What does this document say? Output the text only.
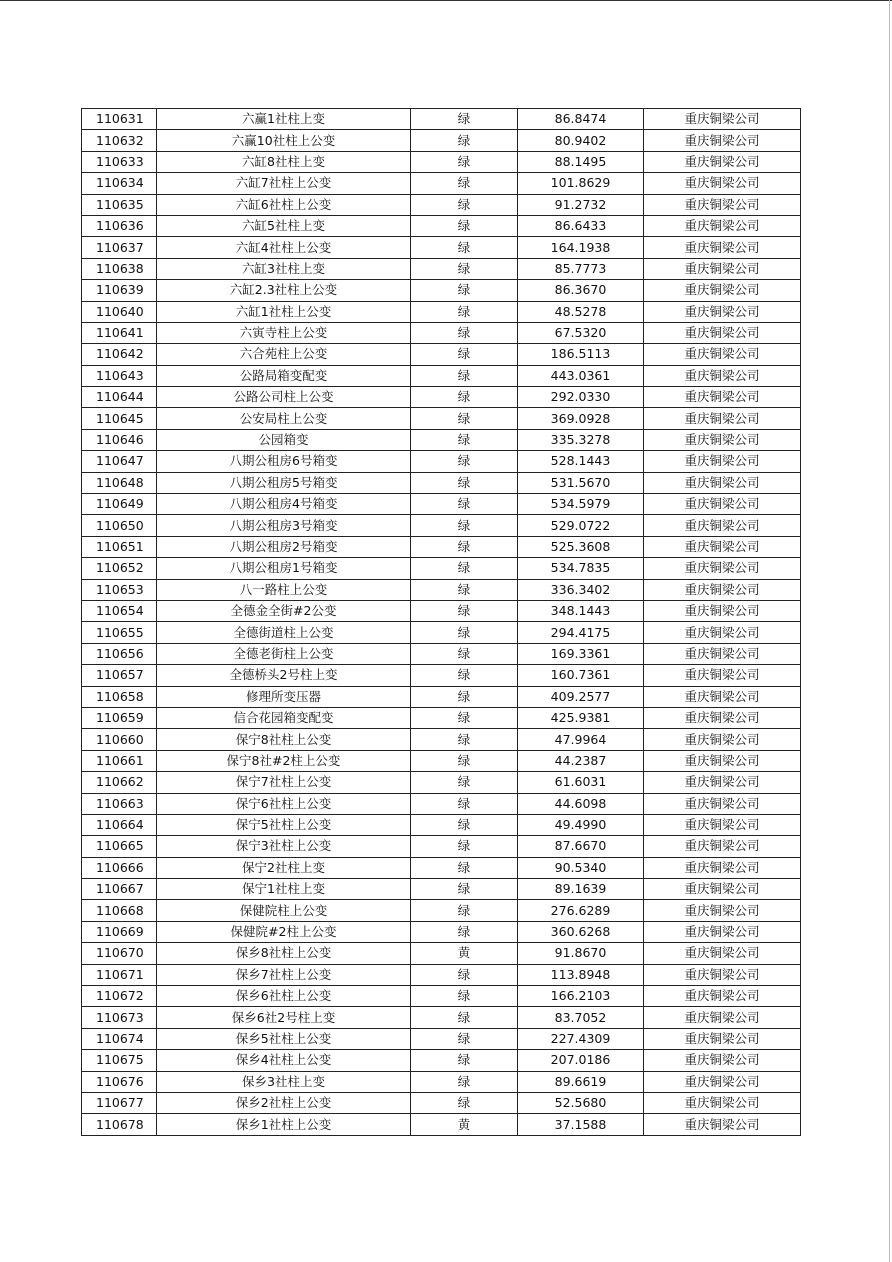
110631	六赢1社柱上变	绿	86.8474	重庆铜梁公司
110632	六赢10社柱上公变	绿	80.9402	重庆铜梁公司
110633	六缸8社柱上变	绿	88.1495	重庆铜梁公司
110634	六缸7社柱上公变	绿	101.8629	重庆铜梁公司
110635	六缸6社柱上公变	绿	91.2732	重庆铜梁公司
110636	六缸5社柱上变	绿	86.6433	重庆铜梁公司
110637	六缸4社柱上公变	绿	164.1938	重庆铜梁公司
110638	六缸3社柱上变	绿	85.7773	重庆铜梁公司
110639	六缸2.3社柱上公变	绿	86.3670	重庆铜梁公司
110640	六缸1社柱上公变	绿	48.5278	重庆铜梁公司
110641	六寅寺柱上公变	绿	67.5320	重庆铜梁公司
110642	六合苑柱上公变	绿	186.5113	重庆铜梁公司
110643	公路局箱变配变	绿	443.0361	重庆铜梁公司
110644	公路公司柱上公变	绿	292.0330	重庆铜梁公司
110645	公安局柱上公变	绿	369.0928	重庆铜梁公司
110646	公园箱变	绿	335.3278	重庆铜梁公司
110647	八期公租房6号箱变	绿	528.1443	重庆铜梁公司
110648	八期公租房5号箱变	绿	531.5670	重庆铜梁公司
110649	八期公租房4号箱变	绿	534.5979	重庆铜梁公司
110650	八期公租房3号箱变	绿	529.0722	重庆铜梁公司
110651	八期公租房2号箱变	绿	525.3608	重庆铜梁公司
110652	八期公租房1号箱变	绿	534.7835	重庆铜梁公司
110653	八一路柱上公变	绿	336.3402	重庆铜梁公司
110654	全德金全街#2公变	绿	348.1443	重庆铜梁公司
110655	全德街道柱上公变	绿	294.4175	重庆铜梁公司
110656	全德老街柱上公变	绿	169.3361	重庆铜梁公司
110657	全德桥头2号柱上变	绿	160.7361	重庆铜梁公司
110658	修理所变压器	绿	409.2577	重庆铜梁公司
110659	信合花园箱变配变	绿	425.9381	重庆铜梁公司
110660	保宁8社柱上公变	绿	47.9964	重庆铜梁公司
110661	保宁8社#2柱上公变	绿	44.2387	重庆铜梁公司
110662	保宁7社柱上公变	绿	61.6031	重庆铜梁公司
110663	保宁6社柱上公变	绿	44.6098	重庆铜梁公司
110664	保宁5社柱上公变	绿	49.4990	重庆铜梁公司
110665	保宁3社柱上公变	绿	87.6670	重庆铜梁公司
110666	保宁2社柱上变	绿	90.5340	重庆铜梁公司
110667	保宁1社柱上变	绿	89.1639	重庆铜梁公司
110668	保健院柱上公变	绿	276.6289	重庆铜梁公司
110669	保健院#2柱上公变	绿	360.6268	重庆铜梁公司
110670	保乡8社柱上公变	黄	91.8670	重庆铜梁公司
110671	保乡7社柱上公变	绿	113.8948	重庆铜梁公司
110672	保乡6社柱上公变	绿	166.2103	重庆铜梁公司
110673	保乡6社2号柱上变	绿	83.7052	重庆铜梁公司
110674	保乡5社柱上公变	绿	227.4309	重庆铜梁公司
110675	保乡4社柱上公变	绿	207.0186	重庆铜梁公司
110676	保乡3社柱上变	绿	89.6619	重庆铜梁公司
110677	保乡2社柱上公变	绿	52.5680	重庆铜梁公司
110678	保乡1社柱上公变	黄	37.1588	重庆铜梁公司
